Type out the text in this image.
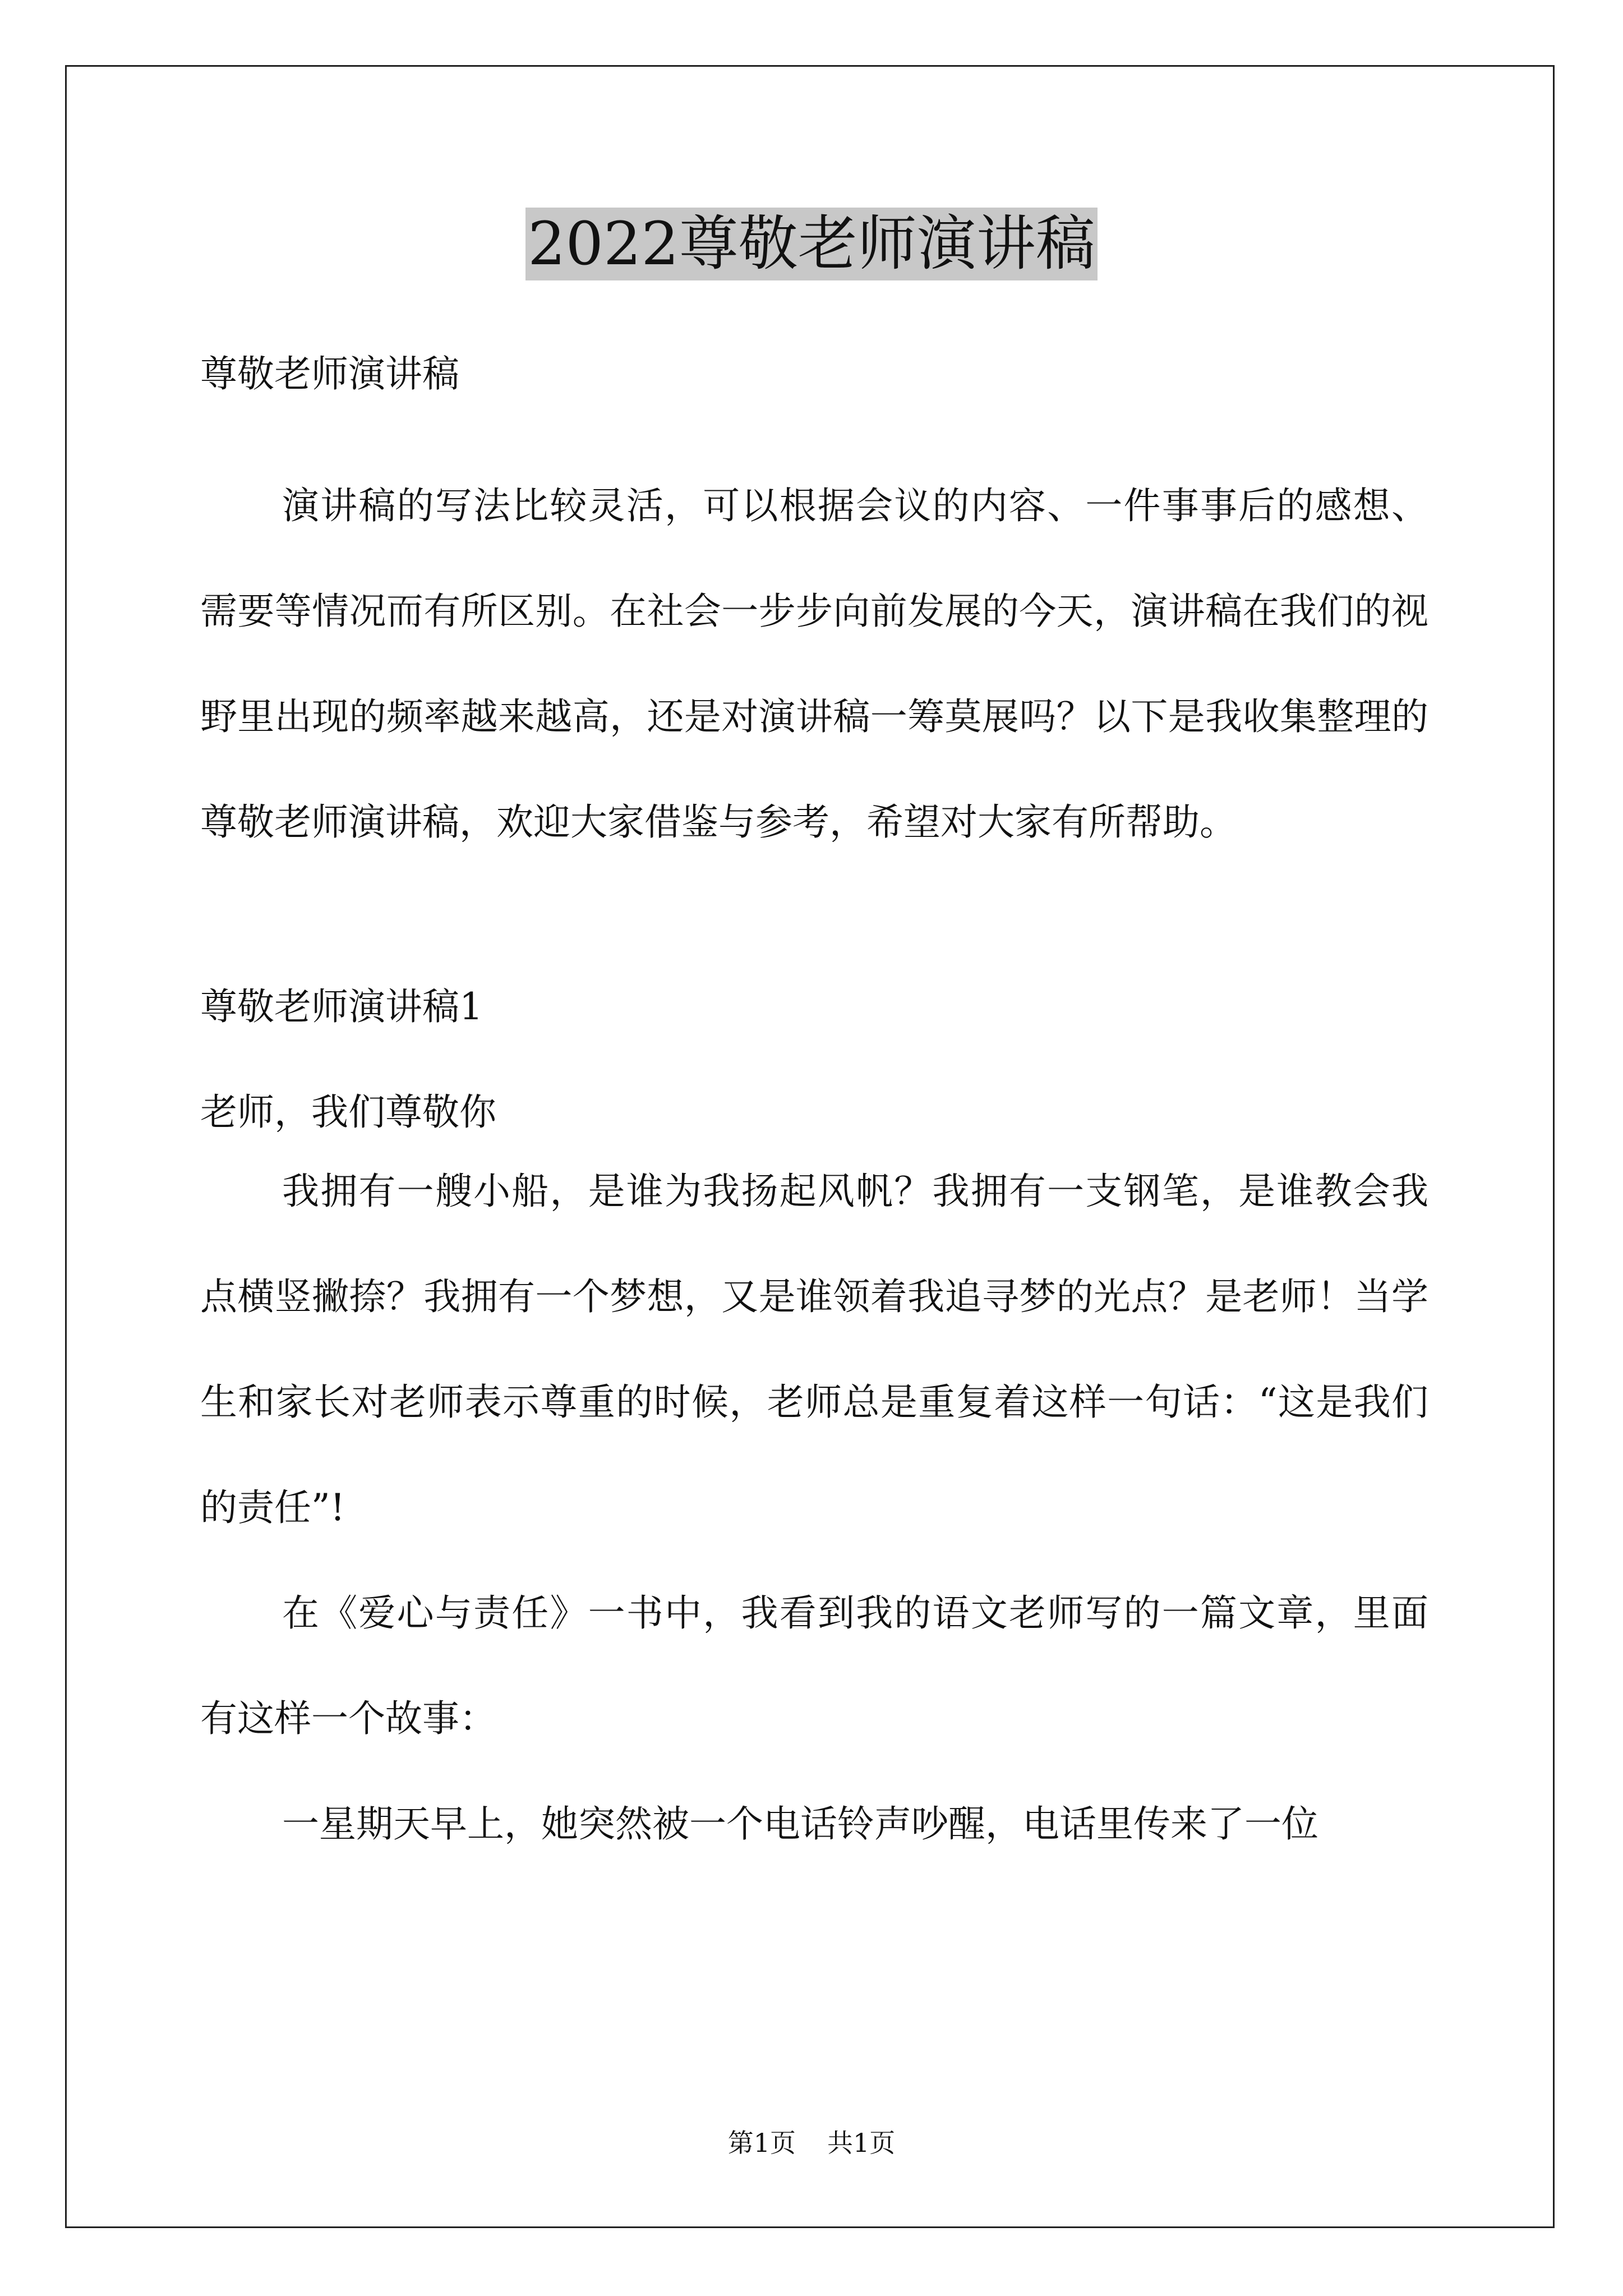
2022尊敬老师演讲稿

尊敬老师演讲稿

演讲稿的写法比较灵活，可以根据会议的内容、一件事事后的感想、需要等情况而有所区别。在社会一步步向前发展的今天，演讲稿在我们的视野里出现的频率越来越高，还是对演讲稿一筹莫展吗？以下是我收集整理的尊敬老师演讲稿，欢迎大家借鉴与参考，希望对大家有所帮助。

尊敬老师演讲稿1

老师，我们尊敬你

我拥有一艘小船，是谁为我扬起风帆？我拥有一支钢笔，是谁教会我点横竖撇捺？我拥有一个梦想，又是谁领着我追寻梦的光点？是老师！当学生和家长对老师表示尊重的时候，老师总是重复着这样一句话：“这是我们的责任”!

在《爱心与责任》一书中，我看到我的语文老师写的一篇文章，里面有这样一个故事：

一星期天早上，她突然被一个电话铃声吵醒，电话里传来了一位

第1页 共1页
